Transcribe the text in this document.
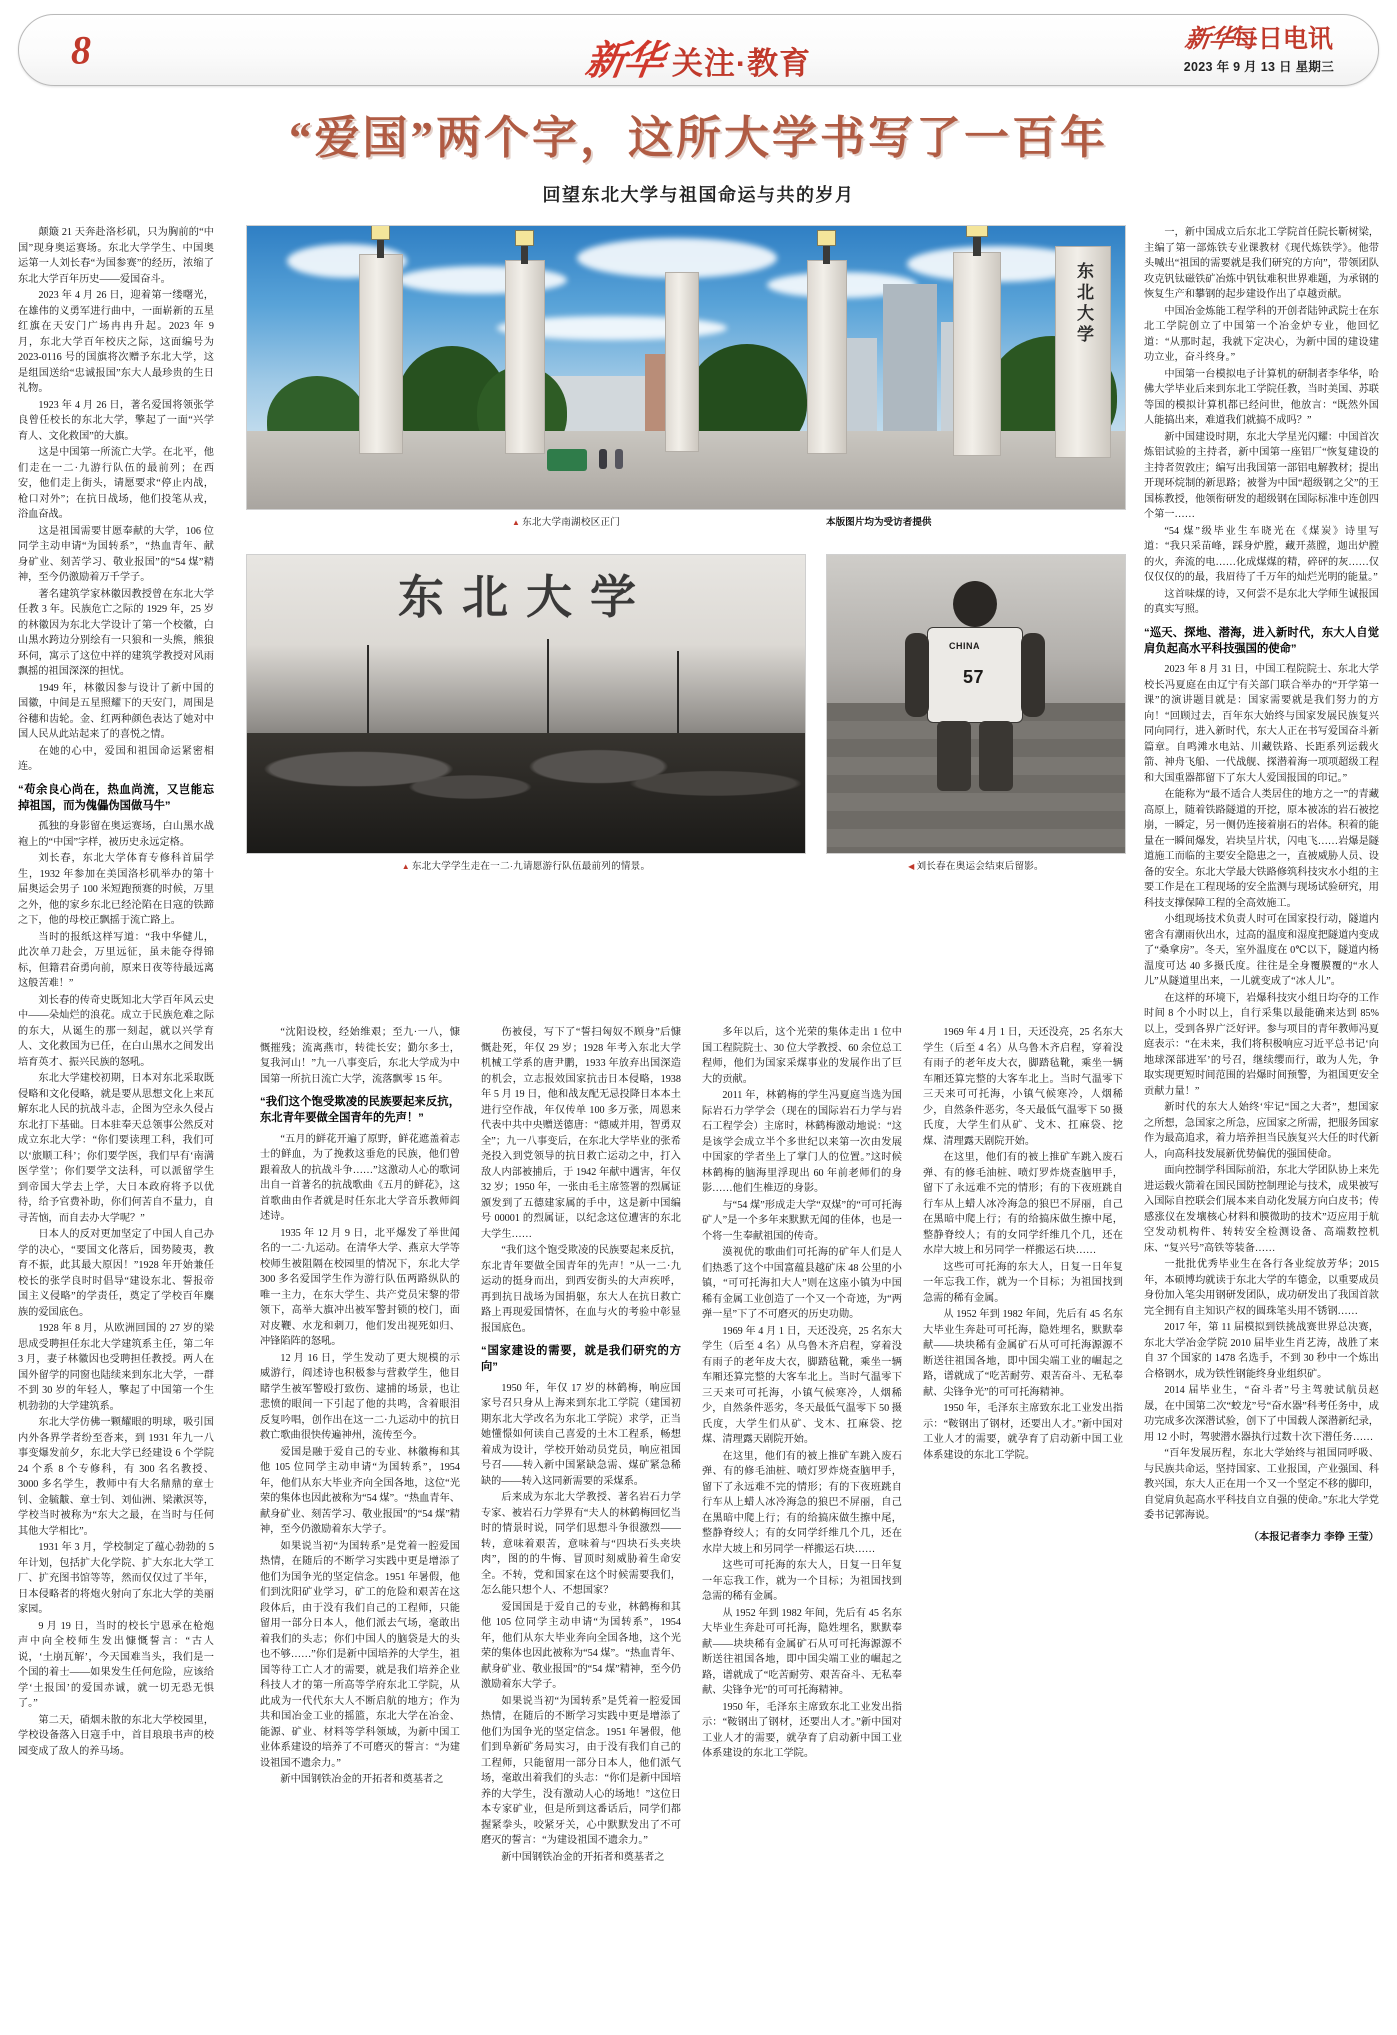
8	新华 关注·教育
新华每日电讯
2023 年 9 月 13 日 星期三
“爱国”两个字，这所大学书写了一百年
回望东北大学与祖国命运与共的岁月
东北大学
▲ 东北大学南湖校区正门	本版图片均为受访者提供
东北大学
▲ 东北大学学生走在一二·九请愿游行队伍最前列的情景。
CHINA
57
◀ 刘长春在奥运会结束后留影。

颠簸 21 天奔赴洛杉矶，只为胸前的“中国”现身奥运赛场。东北大学学生、中国奥运第一人刘长春“为国参赛”的经历，浓缩了东北大学百年历史——爱国奋斗。

2023 年 4 月 26 日，迎着第一缕曙光，在雄伟的义勇军进行曲中，一面崭新的五星红旗在天安门广场冉冉升起。2023 年 9 月，东北大学百年校庆之际，这面编号为 2023-0116 号的国旗将次赠予东北大学，这是组国送给“忠诚报国”东大人最珍贵的生日礼物。

1923 年 4 月 26 日，著名爱国将领张学良曾任校长的东北大学，擎起了一面“兴学育人、文化救国”的大旗。

这是中国第一所流亡大学。在北平，他们走在一二·九游行队伍的最前列；在西安，他们走上街头，请愿要求“停止内战，枪口对外”；在抗日战场，他们投笔从戎，浴血奋战。

这是祖国需要甘愿奉献的大学，106 位同学主动申请“为国转系”，“热血青年、献身矿业、刻苦学习、敬业报国”的“54 煤”精神，至今仍激励着万千学子。

著名建筑学家林徽因教授曾在东北大学任教 3 年。民族危亡之际的 1929 年，25 岁的林徽因为东北大学设计了第一个校徽，白山黑水跨边分别绘有一只狼和一头熊，熊狼环伺，寓示了这位中祥的建筑学教授对风雨飘摇的祖国深深的担忧。

1949 年，林徽因参与设计了新中国的国徽，中间是五星照耀下的天安门，周围是谷穗和齿轮。金、红两种颜色表达了她对中国人民从此站起来了的喜悦之情。

在她的心中，爱国和祖国命运紧密相连。

“苟余良心尚在，热血尚流，又岂能忘掉祖国，而为傀儡伪国做马牛”

孤独的身影留在奥运赛场，白山黑水战袍上的“中国”字样，被历史永远定格。

刘长春，东北大学体育专修科首届学生，1932 年参加在美国洛杉矶举办的第十届奥运会男子 100 米短跑预赛的时候，万里之外，他的家乡东北已经沦陷在日寇的铁蹄之下，他的母校正飘摇于流亡路上。

当时的报纸这样写道：“我中华健儿，此次单刀赴会，万里远征，虽未能夺得锦标，但籍君奋勇向前，原来日夜等待最远离这般苦难！”

刘长春的传奇史既知北大学百年风云史中——朵灿烂的浪花。成立于民族危难之际的东大，从诞生的那一刻起，就以兴学育人、文化救国为已任，在白山黑水之间发出培育英才、振兴民族的怒吼。

东北大学建校初期，日本对东北采取既侵略和文化侵略，就是要从思想文化上来瓦解东北人民的抗战斗志，企图为空永久侵占东北打下基础。日本驻奉天总领事公然反对成立东北大学：“你们要读理工科，我们可以‘旅顺工科’；你们要学医，我们早有‘南满医学堂’；你们要学文法科，可以派留学生到帝国大学去上学，大日本政府将予以优待，给予官费补助，你们何苦自不量力，自寻苦恼，而自去办大学呢？”

日本人的反对更加坚定了中国人自己办学的决心，“要国文化落后，国势陵夷，教育不振，此其最大原因！”1928 年开始兼任校长的张学良时时倡导“建设东北、誓报帝国主义侵略”的学责任，奠定了学校百年麋族的爱国底色。

1928 年 8 月，从欧洲回国的 27 岁的梁思成受聘担任东北大学建筑系主任，第二年 3 月，妻子林徽因也受聘担任教授。两人在国外留学的同窗也陆续来到东北大学，一群不到 30 岁的年轻人，擎起了中国第一个生机勃勃的大学建筑系。

东北大学仿佛一颗耀眼的明球，吸引国内外各界学者纷至沓来，到 1931 年九一八事变爆发前夕，东北大学已经建设 6 个学院 24 个系 8 个专修科，有 300 名名教授、3000 多名学生，教师中有大名鼎鼎的章士钊、金毓黻、章士钊、刘仙洲、梁漱溟等，学校当时被称为“东大之最，在当时与任何其他大学相比”。

1931 年 3 月，学校制定了蕴心勃勃的 5 年计划，包括扩大化学院、扩大东北大学工厂、扩充图书馆等等，然而仅仅过了半年，日本侵略者的将炮火射向了东北大学的美丽家园。

9 月 19 日，当时的校长宁恩承在枪炮声中向全校师生发出慷慨誓言：“古人说，‘土崩瓦解’，今天国难当头，我们是一个国的着士——如果发生任何危险，应该给学‘土报国’的爱国赤诚，就一切无恐无惧了。”

第二天，硝烟未散的东北大学校园里，学校设备落入日寇手中，首目琅琅书声的校园变成了敌人的养马场。

“沈阳设校，经始维艰；至九·一八，慷慨摧残；流离燕市，转徙长安；勤尔多士，复我河山！”九一八事变后，东北大学成为中国第一所抗日流亡大学，流落飘零 15 年。

“我们这个饱受欺凌的民族要起来反抗，东北青年要做全国青年的先声！”

“五月的鲜花开遍了原野，鲜花遮盖着志士的鲜血，为了挽救这垂危的民族，他们曾跟着敌人的抗战斗争……”这激动人心的歌词出自一首著名的抗战歌曲《五月的鲜花》，这首歌曲由作者就是时任东北大学音乐教师阎述诗。

1935 年 12 月 9 日，北平爆发了举世闻名的一二·九运动。在清华大学、燕京大学等校师生被阻隔在校园里的情况下，东北大学 300 多名爱国学生作为游行队伍两路纵队的唯一主力，在东大学生、共产党员宋黎的带领下，高举大旗冲出被军警封锁的校门，面对皮鞭、水龙和刺刀，他们发出视死如归、冲锋陷阵的怒吼。

12 月 16 日，学生发动了更大规模的示威游行，阎述诗也积极参与营救学生，他目睹学生被军警殴打致伤、逮捕的场景，也让悲愤的眼间一下引起了他的共鸣，含着眼泪反复吟唱，创作出在这一二·九运动中的抗日救亡歌曲很快传遍神州，流传至今。

爱国是融于爱自己的专业、林徽梅和其他 105 位同学主动申请“为国转系”，1954 年，他们从东大毕业齐向全国各地，这位“光荣的集体也因此被称为“54 煤”。“热血青年、献身矿业、刻苦学习、敬业报国”的“54 煤”精神，至今仍激励着东大学子。

如果说当初“为国转系”是党着一腔爱国热情，在随后的不断学习实践中更是增添了他们为国争光的坚定信念。1951 年暑假，他们到沈阳矿业学习，矿工的危险和艰苦在这段体后，由于没有我们自己的工程师，只能留用一部分日本人，他们派去气场，毫敢出着我们的头志；你们中国人的脑袋是大的头也不够……”你们是新中国培养的大学生，祖国等待工亡人才的需要，就是我们培养企业科技人才的第一所高等学府东北工学院，从此成为一代代东大人不断启航的地方；作为共和国冶金工业的摇篮，东北大学在冶金、能源、矿业、材料等学科领域，为新中国工业体系建设的培养了不可磨灭的誓言：“为建设祖国不遗余力。”

新中国钢铁冶金的开拓者和奠基者之

伤被侵，写下了“誓扫匈奴不顾身”后慷慨赴死，年仅 29 岁；1928 年考入东北大学机械工学系的唐尹鹏，1933 年放弃出国深造的机会，立志报效国家抗击日本侵略，1938 年 5 月 19 日，他和战友配无忌投降日本本土进行空作战，年仅传单 100 多万张，周恩来代表中共中央赠送德唐：“德威并用，智勇双全”；九一八事变后，在东北大学毕业的张希尧投入到党领导的抗日救亡运动之中，打入敌人内部被捕后，于 1942 年献中遇害，年仅 32 岁；1950 年，一张由毛主席签署的烈属证颁发到了五德建家属的手中，这是新中国编号 00001 的烈属证，以纪念这位遭害的东北大学生……

“我们这个饱受欺凌的民族要起来反抗，东北青年要做全国青年的先声！”从一二·九运动的挺身而出，到西安街头的大声疾呼，再到抗日战场为国捐躯，东大人在抗日救亡路上再现爱国情怀，在血与火的考验中彰显报国底色。

“国家建设的需要，就是我们研究的方向”

1950 年，年仅 17 岁的林鹤梅，响应国家号召只身从上海来到东北工学院（建国初期东北大学改名为东北工学院）求学，正当她懂憬如何读自己喜爱的土木工程系，畅想着成为设计，学校开始动员党员，响应祖国号召——转入新中国紧缺急需、煤矿紧急稀缺的——转入这同新需要的采煤系。

后来成为东北大学教授、著名岩石力学专家、被岩石力学界有“夫人的林鹤梅回忆当时的情景时说，同学们思想斗争很激烈——转，意味着艰苦，意味着与“四块石头夹块肉”，图的的牛悔、冒顶时刻威胁着生命安全。不转，党和国家在这个时候需要我们，怎么能只想个人、不想国家？

爱国国是于爱自己的专业，林鹤梅和其他 105 位同学主动申请“为国转系”，1954 年，他们从东大毕业奔向全国各地，这个光荣的集体也因此被称为“54 煤”。“热血青年、献身矿业、敬业报国”的“54 煤”精神，至今仍激励着东大学子。

如果说当初“为国转系”是凭着一腔爱国热情，在随后的不断学习实践中更是增添了他们为国争光的坚定信念。1951 年暑假，他们到阜新矿务局实习，由于没有我们自己的工程师，只能留用一部分日本人，他们派气场，毫敢出着我们的头志：“你们是新中国培养的大学生，没有激动人心的场地！”这位日本专家矿业，但是所到这番话后，同学们都握紧拳头，咬紧牙关，心中默默发出了不可磨灭的誓言：“为建设祖国不遗余力。”

新中国钢铁冶金的开拓者和奠基者之

多年以后，这个光荣的集体走出 1 位中国工程院院士、30 位大学教授、60 余位总工程师，他们为国家采煤事业的发展作出了巨大的贡献。

2011 年，林鹤梅的学生冯夏庭当选为国际岩石力学学会（现在的国际岩石力学与岩石工程学会）主席时，林鹤梅激动地说：“这是该学会成立半个多世纪以来第一次由发展中国家的学者坐上了掌门人的位置。”这时候林鹤梅的脑海里浮现出 60 年前老师们的身影……他们生椎迈的身影。

与“54 煤”形成走大学“双煤”的“可可托海矿人”是一个多年来默默无闻的佳体，也是一个将一生奉献祖国的传奇。

漠视优的歌曲们可托海的矿年人们是人们热悉了这个中国富蕴县越矿床 48 公里的小镇，“可可托海扣大人”则在这座小镇为中国稀有金属工业创造了一个又一个奇迹，为“两弹一星”下了不可磨灭的历史功勋。

1969 年 4 月 1 日，天还没亮，25 名东大学生（后至 4 名）从乌鲁木齐启程，穿着没有雨子的老年皮大衣，脚踏毡靴，乘坐一辆车厢还算完整的大客车北上。当时气温零下三天来可可托海，小镇气候寒冷，人烟稀少，自然条件恶劣，冬天最低气温零下 50 摄氏度，大学生们从矿、戈木、扛麻袋、挖煤、清理露天剧院开始。

在这里，他们有的被上推矿车跳入废石弹、有的修毛油桩、喷灯罗炸烧查脑甲手，留下了永远难不完的情形；有的下夜班跳自行车从上蜡人冰冷海急的狼巴不屏丽，自己在黑暗中爬上行；有的给搞床做生擦中尾，整静脊绞人；有的女同学纤维几个几，还在水岸大坡上和另同学一样搬运石块……

这些可可托海的东大人，日复一日年复一年忘我工作，就为一个目标；为祖国找到急需的稀有金属。

从 1952 年到 1982 年间，先后有 45 名东大毕业生奔赴可可托海，隐姓埋名，默默奉献——块块稀有金属矿石从可可托海源源不断送往祖国各地，即中国尖端工业的崛起之路，谱就成了“吃苦耐劳、艰苦奋斗、无私奉献、尖锋争光”的可可托海精神。

1950 年，毛泽东主席致东北工业发出指示：“鞍钢出了钢材，还要出人才。”新中国对工业人才的需要，就孕育了启动新中国工业体系建设的东北工学院。

1969 年 4 月 1 日，天还没亮，25 名东大学生（后至 4 名）从乌鲁木齐启程，穿着没有雨子的老年皮大衣，脚踏毡靴，乘坐一辆车厢还算完整的大客车北上。当时气温零下三天来可可托海，小镇气候寒冷，人烟稀少，自然条件恶劣，冬天最低气温零下 50 摄氏度，大学生们从矿、戈木、扛麻袋、挖煤、清理露天剧院开始。

在这里，他们有的被上推矿车跳入废石弹、有的修毛油桩、喷灯罗炸烧查脑甲手，留下了永远难不完的情形；有的下夜班跳自行车从上蜡人冰冷海急的狼巴不屏丽，自己在黑暗中爬上行；有的给搞床做生擦中尾，整静脊绞人；有的女同学纤维几个几，还在水岸大坡上和另同学一样搬运石块……

这些可可托海的东大人，日复一日年复一年忘我工作，就为一个目标；为祖国找到急需的稀有金属。

从 1952 年到 1982 年间，先后有 45 名东大毕业生奔赴可可托海，隐姓埋名，默默奉献——块块稀有金属矿石从可可托海源源不断送往祖国各地，即中国尖端工业的崛起之路，谱就成了“吃苦耐劳、艰苦奋斗、无私奉献、尖锋争光”的可可托海精神。

1950 年，毛泽东主席致东北工业发出指示：“鞍钢出了钢材，还要出人才。”新中国对工业人才的需要，就孕育了启动新中国工业体系建设的东北工学院。

一，新中国成立后东北工学院首任院长靳树梁，主编了第一部炼铁专业课教材《现代炼铁学》。他带头喊出“祖国的需要就是我们研究的方向”，带领团队攻克钒钛磁铁矿冶炼中钒钛难积世界难题，为承钢的恢复生产和攀钢的起步建设作出了卓越贡献。

中国冶金炼能工程学科的开创者陆钟武院士在东北工学院创立了中国第一个冶金炉专业，他回忆道：“从那时起，我就下定决心，为新中国的建设建功立业，奋斗终身。”

中国第一台模拟电子计算机的研制者李华华，哈佛大学毕业后来到东北工学院任教，当时美国、苏联等国的模拟计算机都已经问世，他放言：“既然外国人能搞出来，难道我们就搞不成吗？”

新中国建设时期，东北大学星光闪耀：中国首次炼铝试验的主持者，新中国第一座铝厂“恢复建设的主持者贺敦庄；编写出我国第一部铝电解教材；提出开现环烷制的新思路；被誉为中国“超级钢之父”的王国栋教授，他领衔研发的超级钢在国际标准中连创四个第一……

“54 煤”级毕业生车晓光在《煤炭》诗里写道：“我只采苗峰，踩身炉膛，藏开蒸膛，迦出炉膛的火，奔流的电……化成煤煤的精，碎砰的灰……仅仅仅仅的的最，我眉待了千万年的灿烂光明的能量。”

这首味煤的诗，又何尝不是东北大学师生诚报国的真实写照。

“巡天、探地、潜海，进入新时代，东大人自觉肩负起高水平科技强国的使命”

2023 年 8 月 31 日，中国工程院院士、东北大学校长冯夏庭在由辽宁有关部门联合举办的“开学第一课”的演讲题目就是：国家需要就是我们努力的方向！“回顾过去，百年东大始终与国家发展民族复兴同向同行，进入新时代，东大人正在书写爱国奋斗新篇章。自鸣滩水电站、川藏铁路、长距系列运载火箭、神舟飞船、一代战舰、探潜着海一项项超级工程和大国重器都留下了东大人爱国报国的印记。”

在能称为“最不适合人类居住的地方之一”的青藏高原上，随着铁路隧道的开挖，原本被冻的岩石被挖崩，一瞬定，另一侧仍连接着崩石的岩体。积着的能量在一瞬间爆发，岩块呈片状，闪电飞……岩爆是隧道施工而临的主要安全隐患之一，直被威胁人员、设备的安全。东北大学最大铁路修筑科技灾水小组的主要工作是在工程现场的安全监测与现场试验研究，用科技支撑保障工程的全高效施工。

小组现场技术负责人时可在国家投行动，隧道内密含有潮雨伙出水，过高的温度和湿度把隧道内变成了“桑拿房”。冬天，室外温度在 0℃以下，隧道内杨温度可达 40 多摄氏度。往往是全身覆膜覆的“水人儿”从隧道里出来，一儿就变成了“冰人儿”。

在这样的环境下，岩爆科技灾小组日均夺的工作时间 8 个小时以上，自行采集以最能确来达到 85% 以上，受到各界广泛好评。参与项目的青年教师冯夏庭表示：“在未来，我们将积极响应习近平总书记‘向地球深部进军’的号召，继续缨而行，敢为人先，争取实现更短时间范围的岩爆时间预警，为祖国更安全贡献力量！”

新时代的东大人始终‘牢记“国之大者”，想国家之所想，急国家之所急，应国家之所需，把服务国家作为最高追求，着力培养担当民族复兴大任的时代新人，向高科技发展新优势偏优的强国使命。

面向控制学科国际前沿，东北大学团队协上来先进运载火箭着在国民国防控制理论与技术，成果被写入国际自控联会们展本来自动化发展方向白皮书；传感涨仪在发壤核心材料和膜微助的技术”迈应用于航空发动机构件、转转安全检测设备、高端数控机床、“复兴号”高铁等装备……

一批批优秀毕业生在各行各业绽放芳华；2015 年，本硕博均就读于东北大学的车德金，以重要成员身份加入笔尖用钢研发团队，成功研发出了我国首款完全拥有自主知识产权的圆珠笔头用不锈钢……

2017 年，第 11 届模拟到铁挑战赛世界总决赛，东北大学冶金学院 2010 届毕业生肖艺涛，战胜了来自 37 个国家的 1478 名选手，不到 30 秒中一个炼出合格钢水，成为铁性钢能终身业组织矿。

2014 届毕业生，“奋斗者”号主驾驶试航员赵晟，在中国第二次“蛟龙”号“奋水器”科考任务中，成功完成多次深潜试验，创下了中国载人深潜新纪录，用 12 小时，驾驶潜水器执行过数十次下潜任务……

“百年发展历程，东北大学始终与祖国同呼吸、与民族共命运，坚持国家、工业报国，产业强国、科教兴国，东大人正在用一个又一个坚定不移的脚印，自觉肩负起高水平科技自立自强的使命。”东北大学党委书记郭海说。

（本报记者李力 李铮 王莹）
